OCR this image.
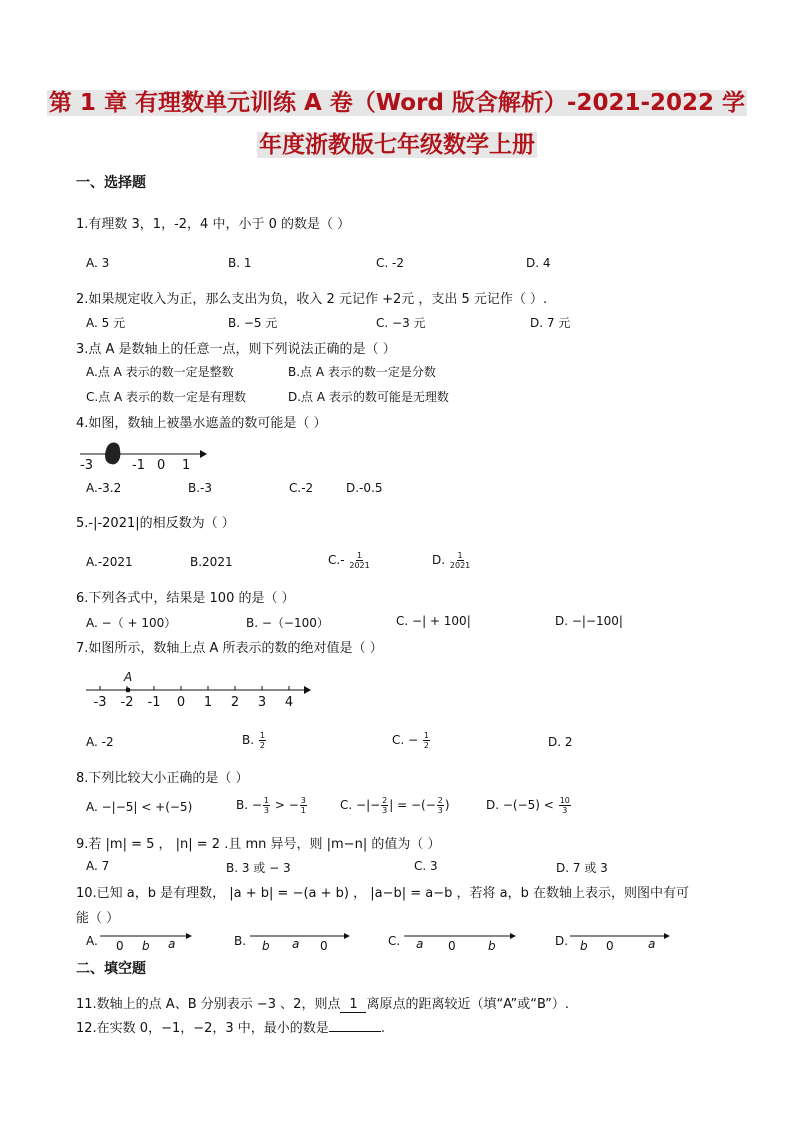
第 1 章 有理数单元训练 A 卷（Word 版含解析）-2021-2022 学
年度浙教版七年级数学上册
一、选择题
1.有理数 3，1，-2，4 中，小于 0 的数是（ ）
A. 3	B. 1	C. -2	D. 4
2.如果规定收入为正，那么支出为负，收入 2 元记作 +2元 ，支出 5 元记作（ ）.
A. 5 元	B. −5 元	C. −3 元	D. 7 元
3.点 A 是数轴上的任意一点，则下列说法正确的是（ ）
A.点 A 表示的数一定是整数	B.点 A 表示的数一定是分数
C.点 A 表示的数一定是有理数	D.点 A 表示的数可能是无理数
4.如图，数轴上被墨水遮盖的数可能是（ ）
-3	-1 0 1
A.-3.2	B.-3	C.-2	D.-0.5
5.-|-2021|的相反数为（ ）
A.-2021	B.2021	$C.- \frac{1}{2021}$	D. $\frac{1}{2021}$
6.下列各式中，结果是 100 的是（ ）
A. −（ + 100）	B. −（−100）	C. −| + 100|	D. −|−100|
7.如图所示，数轴上点 A 所表示的数的绝对值是（ ）
-3 -2 -1 0 1 2 3 4
A
A. -2	B. $\frac{1}{2}$	C. − $\frac{1}{2}$	D. 2
8.下列比较大小正确的是（ ）
A. −|−5| < +(−5)	B. − $\frac{1}{3}$ > − $\frac{3}{1}$	C. −|− $\frac{2}{3}$ | = −(− $\frac{2}{3}$ )	D. $-(-5) < \frac{10}{3}$
9.若 |m| = 5 ， |n| = 2 .且 mn 异号，则 |m−n| 的值为（ ）
A. 7	B. 3 或 − 3	C. 3	D. 7 或 3
10.已知 a，b 是有理数， |a + b| = −(a + b) ， |a−b| = a−b ，若将 a，b 在数轴上表示，则图中有可
能（ ）
A. 0 b a	B. b a 0	C. a 0	b	D. b 0	a
二、填空题
11.数轴上的点 A、B 分别表示 −3 、2，则点 1 离原点的距离较近（填“A”或“B”）.
12.在实数 0，−1，−2，3 中，最小的数是	.
